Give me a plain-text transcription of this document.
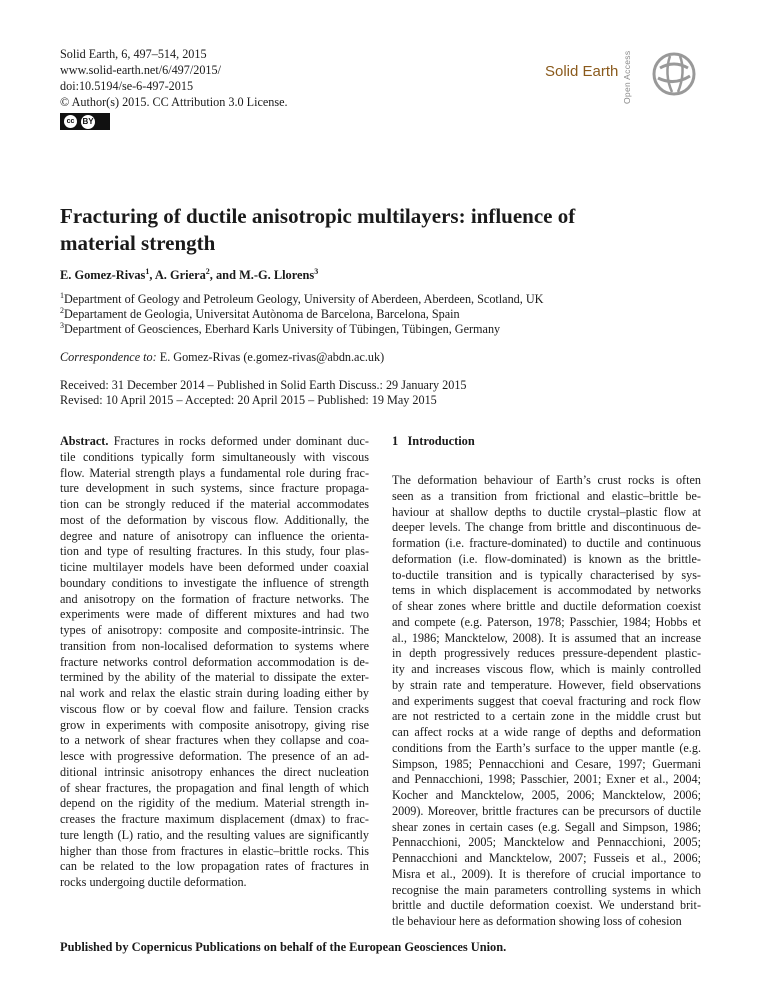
Solid Earth, 6, 497–514, 2015
www.solid-earth.net/6/497/2015/
doi:10.5194/se-6-497-2015
© Author(s) 2015. CC Attribution 3.0 License.
cc	BY
Solid Earth Open Access
Fracturing of ductile anisotropic multilayers: influence of material strength
E. Gomez-Rivas$^1$, A. Griera$^2$, and M.-G. Llorens$^3$
$^1$Department of Geology and Petroleum Geology, University of Aberdeen, Aberdeen, Scotland, UK
$^2$Departament de Geologia, Universitat Autònoma de Barcelona, Barcelona, Spain
$^3$Department of Geosciences, Eberhard Karls University of Tübingen, Tübingen, Germany
Correspondence to: E. Gomez-Rivas (e.gomez-rivas@abdn.ac.uk)
Received: 31 December 2014 – Published in Solid Earth Discuss.: 29 January 2015
Revised: 10 April 2015 – Accepted: 20 April 2015 – Published: 19 May 2015
Abstract. Fractures in rocks deformed under dominant duc-
tile conditions typically form simultaneously with viscous
flow. Material strength plays a fundamental role during frac-
ture development in such systems, since fracture propaga-
tion can be strongly reduced if the material accommodates
most of the deformation by viscous flow. Additionally, the
degree and nature of anisotropy can influence the orienta-
tion and type of resulting fractures. In this study, four plas-
ticine multilayer models have been deformed under coaxial
boundary conditions to investigate the influence of strength
and anisotropy on the formation of fracture networks. The
experiments were made of different mixtures and had two
types of anisotropy: composite and composite-intrinsic. The
transition from non-localised deformation to systems where
fracture networks control deformation accommodation is de-
termined by the ability of the material to dissipate the exter-
nal work and relax the elastic strain during loading either by
viscous flow or by coeval flow and failure. Tension cracks
grow in experiments with composite anisotropy, giving rise
to a network of shear fractures when they collapse and coa-
lesce with progressive deformation. The presence of an ad-
ditional intrinsic anisotropy enhances the direct nucleation
of shear fractures, the propagation and final length of which
depend on the rigidity of the medium. Material strength in-
creases the fracture maximum displacement (dmax) to frac-
ture length (L) ratio, and the resulting values are significantly
higher than those from fractures in elastic–brittle rocks. This
can be related to the low propagation rates of fractures in
rocks undergoing ductile deformation.
1   Introduction
The deformation behaviour of Earth’s crust rocks is often
seen as a transition from frictional and elastic–brittle be-
haviour at shallow depths to ductile crystal–plastic flow at
deeper levels. The change from brittle and discontinuous de-
formation (i.e. fracture-dominated) to ductile and continuous
deformation (i.e. flow-dominated) is known as the brittle-
to-ductile transition and is typically characterised by sys-
tems in which displacement is accommodated by networks
of shear zones where brittle and ductile deformation coexist
and compete (e.g. Paterson, 1978; Passchier, 1984; Hobbs et
al., 1986; Mancktelow, 2008). It is assumed that an increase
in depth progressively reduces pressure-dependent plastic-
ity and increases viscous flow, which is mainly controlled
by strain rate and temperature. However, field observations
and experiments suggest that coeval fracturing and rock flow
are not restricted to a certain zone in the middle crust but
can affect rocks at a wide range of depths and deformation
conditions from the Earth’s surface to the upper mantle (e.g.
Simpson, 1985; Pennacchioni and Cesare, 1997; Guermani
and Pennacchioni, 1998; Passchier, 2001; Exner et al., 2004;
Kocher and Mancktelow, 2005, 2006; Mancktelow, 2006;
2009). Moreover, brittle fractures can be precursors of ductile
shear zones in certain cases (e.g. Segall and Simpson, 1986;
Pennacchioni, 2005; Mancktelow and Pennacchioni, 2005;
Pennacchioni and Mancktelow, 2007; Fusseis et al., 2006;
Misra et al., 2009). It is therefore of crucial importance to
recognise the main parameters controlling systems in which
brittle and ductile deformation coexist. We understand brit-
tle behaviour here as deformation showing loss of cohesion
Published by Copernicus Publications on behalf of the European Geosciences Union.
